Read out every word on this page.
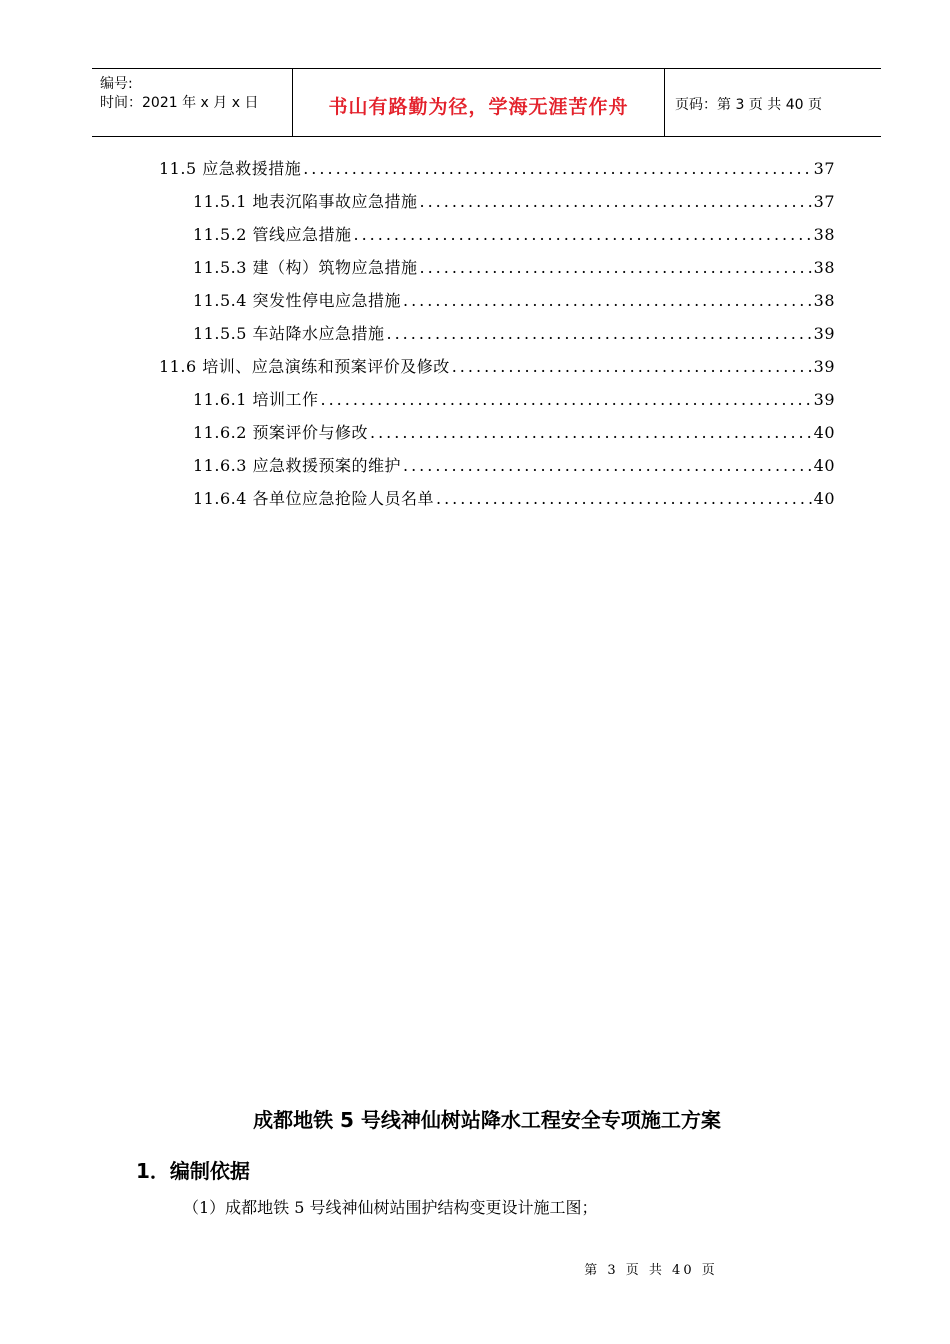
编号:
时间：2021 年 x 月 x 日	书山有路勤为径，学海无涯苦作舟	页码：第 3 页 共 40 页
11.5 应急救援措施 .....	37
11.5.1 地表沉陷事故应急措施 .....	37
11.5.2 管线应急措施 .....	38
11.5.3 建（构）筑物应急措施 .....	38
11.5.4 突发性停电应急措施 .....	38
11.5.5 车站降水应急措施 .....	39
11.6 培训、应急演练和预案评价及修改 .....	39
11.6.1 培训工作 .....	39
11.6.2 预案评价与修改 .....	40
11.6.3 应急救援预案的维护 .....	40
11.6.4 各单位应急抢险人员名单 .....	40
成都地铁 5 号线神仙树站降水工程安全专项施工方案
1．编制依据
（1）成都地铁 5 号线神仙树站围护结构变更设计施工图；
第 3 页 共 40 页
